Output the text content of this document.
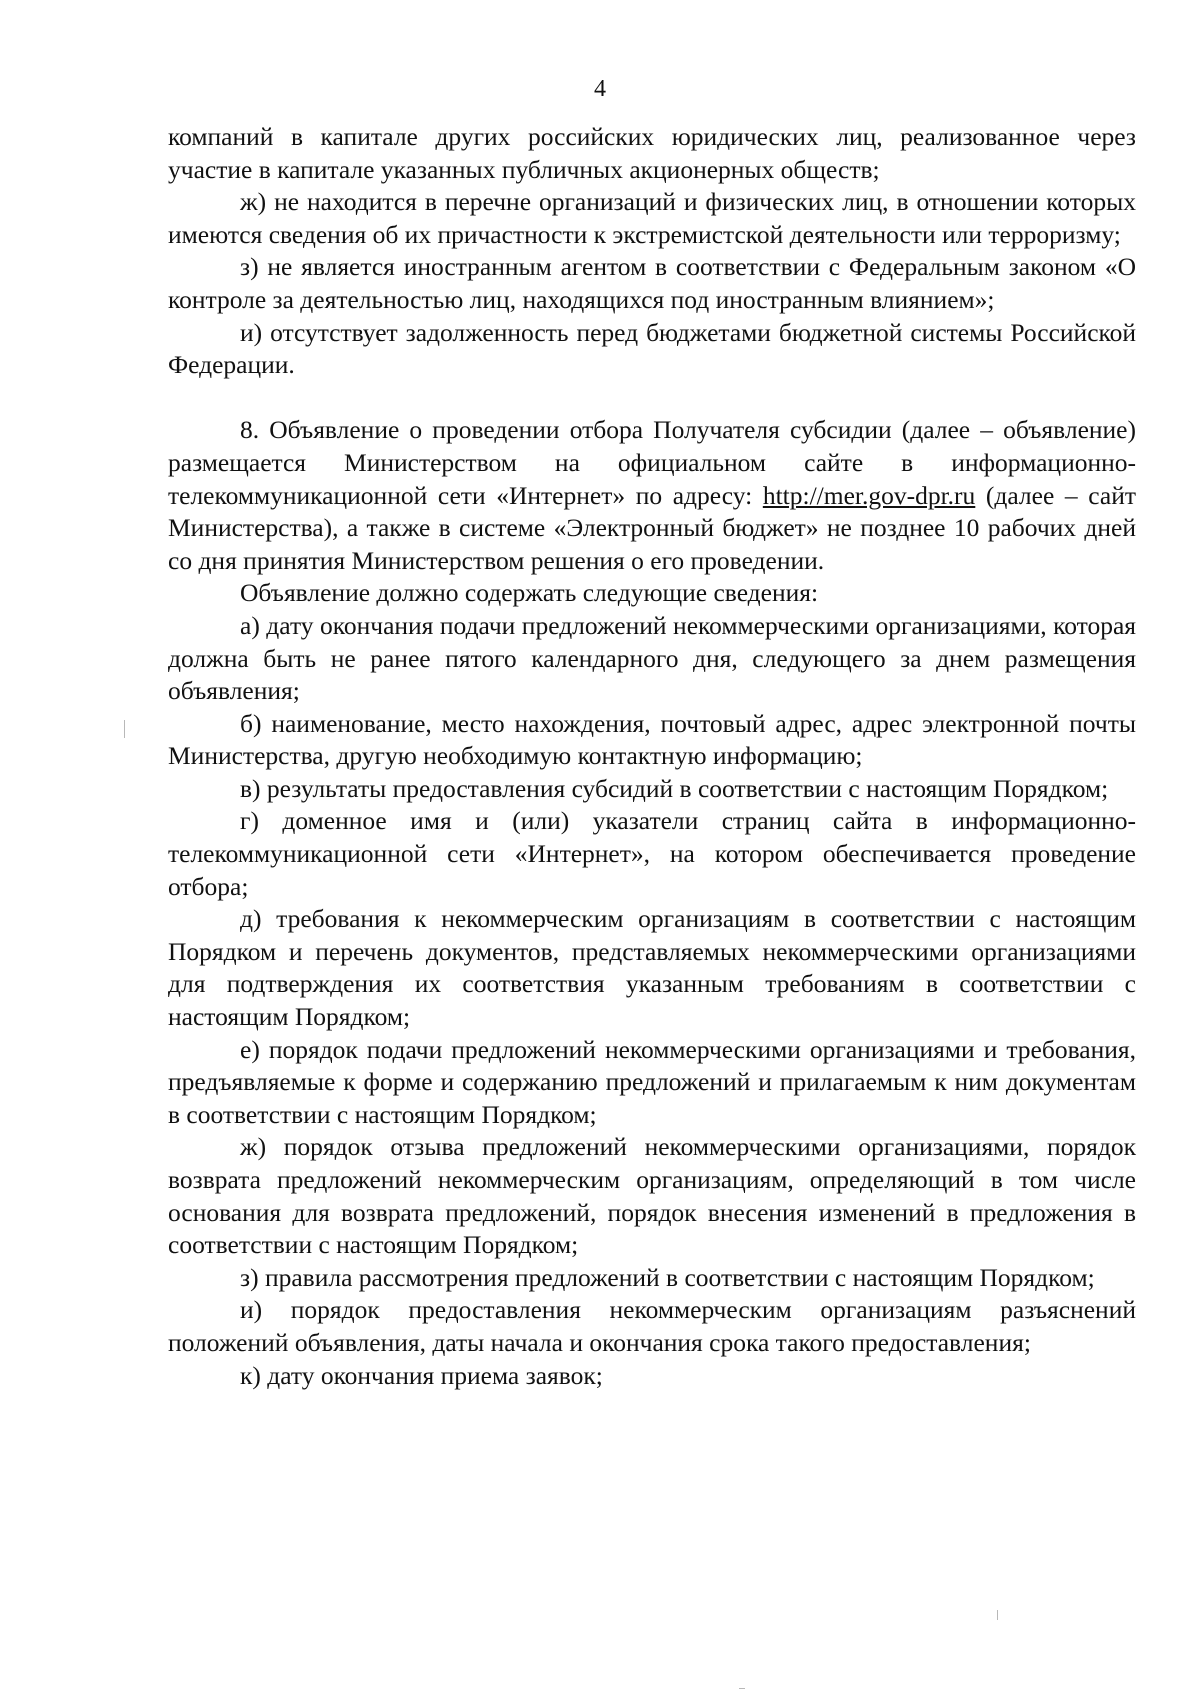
4

компаний в капитале других российских юридических лиц, реализованное через участие в капитале указанных публичных акционерных обществ;

ж) не находится в перечне организаций и физических лиц, в отношении которых имеются сведения об их причастности к экстремистской деятельности или терроризму;

з) не является иностранным агентом в соответствии с Федеральным законом «О контроле за деятельностью лиц, находящихся под иностранным влиянием»;

и) отсутствует задолженность перед бюджетами бюджетной системы Российской Федерации.

8. Объявление о проведении отбора Получателя субсидии (далее – объявление) размещается Министерством на официальном сайте в информационно-телекоммуникационной сети «Интернет» по адресу: http://mer.gov-dpr.ru (далее – сайт Министерства), а также в системе «Электронный бюджет» не позднее 10 рабочих дней со дня принятия Министерством решения о его проведении.

Объявление должно содержать следующие сведения:

а) дату окончания подачи предложений некоммерческими организациями, которая должна быть не ранее пятого календарного дня, следующего за днем размещения объявления;

б) наименование, место нахождения, почтовый адрес, адрес электронной почты Министерства, другую необходимую контактную информацию;

в) результаты предоставления субсидий в соответствии с настоящим Порядком;

г) доменное имя и (или) указатели страниц сайта в информационно-телекоммуникационной сети «Интернет», на котором обеспечивается проведение отбора;

д) требования к некоммерческим организациям в соответствии с настоящим Порядком и перечень документов, представляемых некоммерческими организациями для подтверждения их соответствия указанным требованиям в соответствии с настоящим Порядком;

е) порядок подачи предложений некоммерческими организациями и требования, предъявляемые к форме и содержанию предложений и прилагаемым к ним документам в соответствии с настоящим Порядком;

ж) порядок отзыва предложений некоммерческими организациями, порядок возврата предложений некоммерческим организациям, определяющий в том числе основания для возврата предложений, порядок внесения изменений в предложения в соответствии с настоящим Порядком;

з) правила рассмотрения предложений в соответствии с настоящим Порядком;

и) порядок предоставления некоммерческим организациям разъяснений положений объявления, даты начала и окончания срока такого предоставления;

к) дату окончания приема заявок;
